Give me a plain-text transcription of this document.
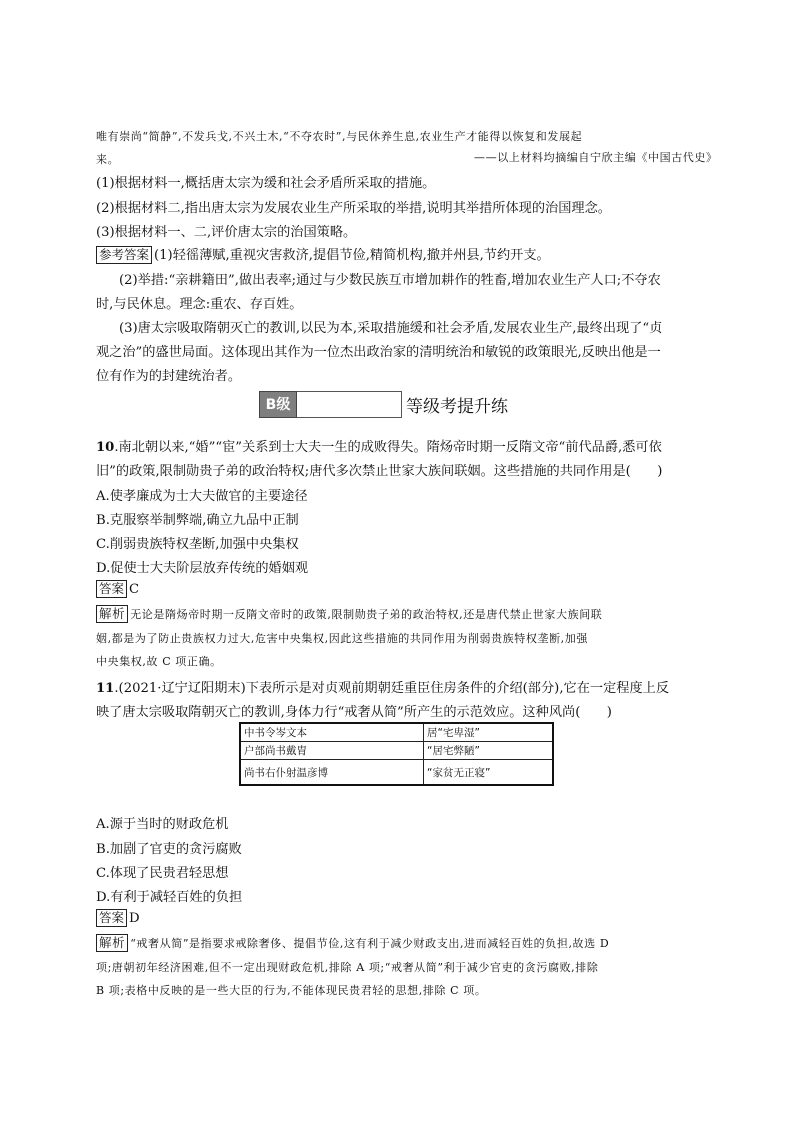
唯有崇尚“简静”,不发兵戈,不兴土木,“不夺农时”,与民休养生息,农业生产才能得以恢复和发展起
来。	——以上材料均摘编自宁欣主编《中国古代史》
(1)根据材料一,概括唐太宗为缓和社会矛盾所采取的措施。
(2)根据材料二,指出唐太宗为发展农业生产所采取的举措,说明其举措所体现的治国理念。
(3)根据材料一、二,评价唐太宗的治国策略。
参考答案 (1)轻徭薄赋,重视灾害救济,提倡节俭,精简机构,撤并州县,节约开支。
(2)举措:“亲耕籍田”,做出表率;通过与少数民族互市增加耕作的牲畜,增加农业生产人口;不夺农
时,与民休息。理念:重农、存百姓。
(3)唐太宗吸取隋朝灭亡的教训,以民为本,采取措施缓和社会矛盾,发展农业生产,最终出现了“贞
观之治”的盛世局面。这体现出其作为一位杰出政治家的清明统治和敏锐的政策眼光,反映出他是一
位有作为的封建统治者。
B级	等级考提升练
10.南北朝以来,“婚”“宦”关系到士大夫一生的成败得失。隋炀帝时期一反隋文帝“前代品爵,悉可依
旧”的政策,限制勋贵子弟的政治特权;唐代多次禁止世家大族间联姻。这些措施的共同作用是(　　)
A.使孝廉成为士大夫做官的主要途径
B.克服察举制弊端,确立九品中正制
C.削弱贵族特权垄断,加强中央集权
D.促使士大夫阶层放弃传统的婚姻观
答案 C
解析 无论是隋炀帝时期一反隋文帝时的政策,限制勋贵子弟的政治特权,还是唐代禁止世家大族间联
姻,都是为了防止贵族权力过大,危害中央集权,因此这些措施的共同作用为削弱贵族特权垄断,加强
中央集权,故 C 项正确。
11.(2021·辽宁辽阳期末)下表所示是对贞观前期朝廷重臣住房条件的介绍(部分),它在一定程度上反
映了唐太宗吸取隋朝灭亡的教训,身体力行“戒奢从简”所产生的示范效应。这种风尚(　　)
中书令岑文本	居“宅卑湿”
户部尚书戴胄	“居宅弊陋”
尚书右仆射温彦博	“家贫无正寝”
A.源于当时的财政危机
B.加剧了官吏的贪污腐败
C.体现了民贵君轻思想
D.有利于减轻百姓的负担
答案 D
解析 “戒奢从简”是指要求戒除奢侈、提倡节俭,这有利于减少财政支出,进而减轻百姓的负担,故选 D
项;唐朝初年经济困难,但不一定出现财政危机,排除 A 项;“戒奢从简”利于减少官吏的贪污腐败,排除
B 项;表格中反映的是一些大臣的行为,不能体现民贵君轻的思想,排除 C 项。
